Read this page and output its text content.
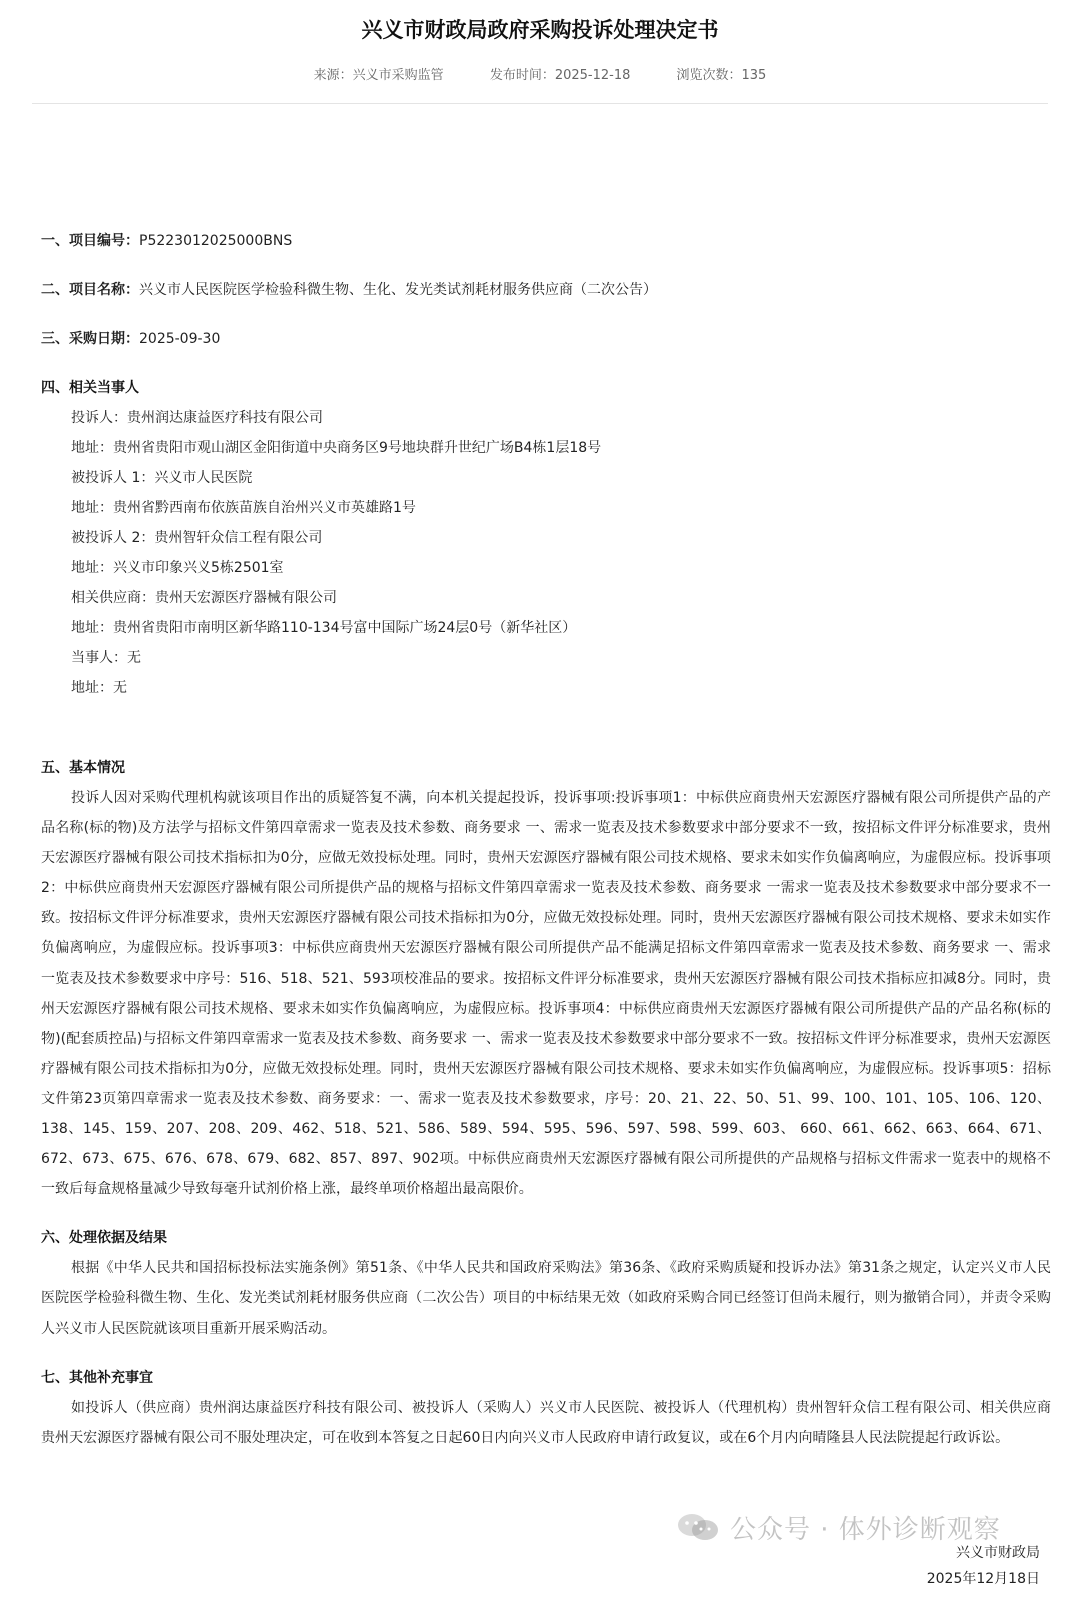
兴义市财政局政府采购投诉处理决定书
来源：兴义市采购监管	发布时间：2025-12-18	浏览次数：135
一、项目编号：P5223012025000BNS
二、项目名称：兴义市人民医院医学检验科微生物、生化、发光类试剂耗材服务供应商（二次公告）
三、采购日期：2025-09-30
四、相关当事人
投诉人：贵州润达康益医疗科技有限公司
地址：贵州省贵阳市观山湖区金阳街道中央商务区9号地块群升世纪广场B4栋1层18号
被投诉人 1：兴义市人民医院
地址：贵州省黔西南布依族苗族自治州兴义市英雄路1号
被投诉人 2：贵州智轩众信工程有限公司
地址：兴义市印象兴义5栋2501室
相关供应商：贵州天宏源医疗器械有限公司
地址：贵州省贵阳市南明区新华路110-134号富中国际广场24层0号（新华社区）
当事人：无
地址：无
五、基本情况

投诉人因对采购代理机构就该项目作出的质疑答复不满，向本机关提起投诉，投诉事项:投诉事项1：中标供应商贵州天宏源医疗器械有限公司所提供产品的产品名称(标的物)及方法学与招标文件第四章需求一览表及技术参数、商务要求 一、需求一览表及技术参数要求中部分要求不一致，按招标文件评分标准要求，贵州天宏源医疗器械有限公司技术指标扣为0分，应做无效投标处理。同时，贵州天宏源医疗器械有限公司技术规格、要求未如实作负偏离响应，为虚假应标。投诉事项2：中标供应商贵州天宏源医疗器械有限公司所提供产品的规格与招标文件第四章需求一览表及技术参数、商务要求 一需求一览表及技术参数要求中部分要求不一致。按招标文件评分标准要求，贵州天宏源医疗器械有限公司技术指标扣为0分，应做无效投标处理。同时，贵州天宏源医疗器械有限公司技术规格、要求未如实作负偏离响应，为虚假应标。投诉事项3：中标供应商贵州天宏源医疗器械有限公司所提供产品不能满足招标文件第四章需求一览表及技术参数、商务要求 一、需求一览表及技术参数要求中序号：516、518、521、593项校准品的要求。按招标文件评分标准要求，贵州天宏源医疗器械有限公司技术指标应扣减8分。同时，贵州天宏源医疗器械有限公司技术规格、要求未如实作负偏离响应，为虚假应标。投诉事项4：中标供应商贵州天宏源医疗器械有限公司所提供产品的产品名称(标的物)(配套质控品)与招标文件第四章需求一览表及技术参数、商务要求 一、需求一览表及技术参数要求中部分要求不一致。按招标文件评分标准要求，贵州天宏源医疗器械有限公司技术指标扣为0分，应做无效投标处理。同时，贵州天宏源医疗器械有限公司技术规格、要求未如实作负偏离响应，为虚假应标。投诉事项5：招标文件第23页第四章需求一览表及技术参数、商务要求：一、需求一览表及技术参数要求，序号：20、21、22、50、51、99、100、101、105、106、120、138、145、159、207、208、209、462、518、521、586、589、594、595、596、597、598、599、603、 660、661、662、663、664、671、672、673、675、676、678、679、682、857、897、902项。中标供应商贵州天宏源医疗器械有限公司所提供的产品规格与招标文件需求一览表中的规格不一致后每盒规格量减少导致每毫升试剂价格上涨，最终单项价格超出最高限价。

六、处理依据及结果

根据《中华人民共和国招标投标法实施条例》第51条、《中华人民共和国政府采购法》第36条、《政府采购质疑和投诉办法》第31条之规定，认定兴义市人民医院医学检验科微生物、生化、发光类试剂耗材服务供应商（二次公告）项目的中标结果无效（如政府采购合同已经签订但尚未履行，则为撤销合同），并责令采购人兴义市人民医院就该项目重新开展采购活动。

七、其他补充事宜

如投诉人（供应商）贵州润达康益医疗科技有限公司、被投诉人（采购人）兴义市人民医院、被投诉人（代理机构）贵州智轩众信工程有限公司、相关供应商贵州天宏源医疗器械有限公司不服处理决定，可在收到本答复之日起60日内向兴义市人民政府申请行政复议，或在6个月内向晴隆县人民法院提起行政诉讼。

公众号 · 体外诊断观察
兴义市财政局
2025年12月18日
